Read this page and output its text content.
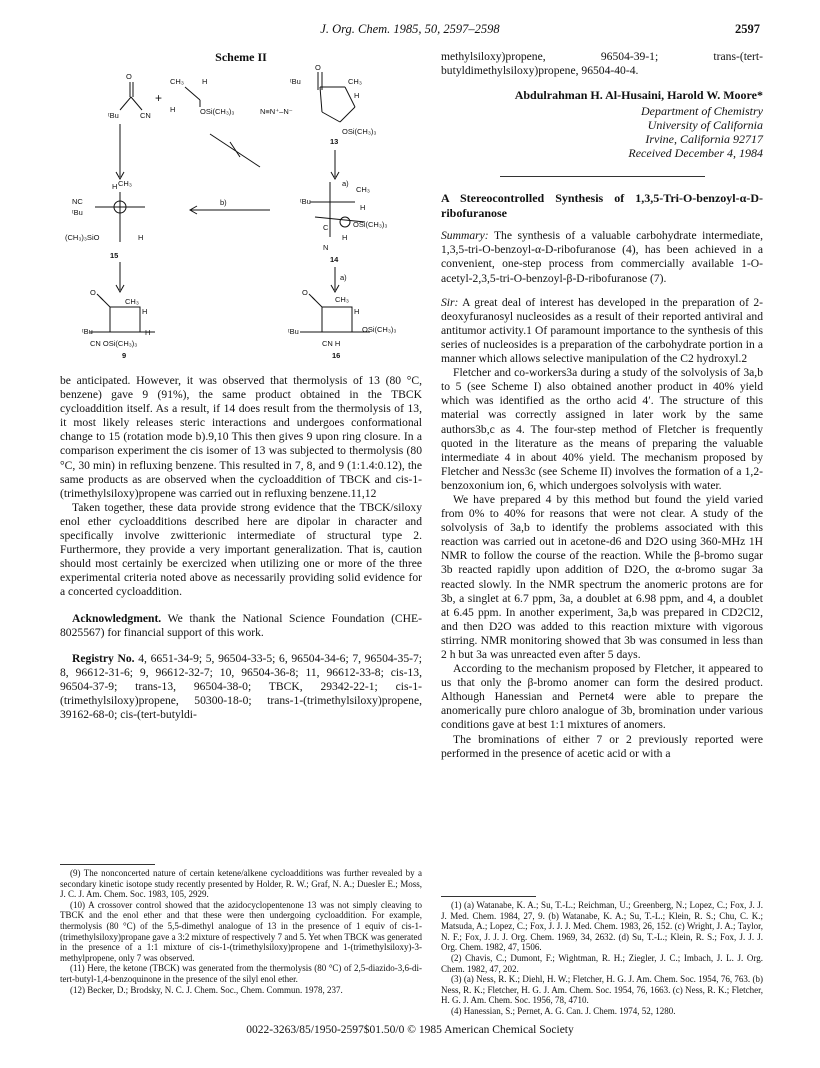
J. Org. Chem. 1985, 50, 2597–2598	2597
Scheme II
O
ᵗBu	CN
+
CH₃ H
H	OSi(CH₃)₃
O
ᵗBu	CH₃
H
N≡N⁺–N⁻
OSi(CH₃)₃
13
b)
CH₃
H
NC
ᵗBu
(CH₃)₃SiO	H
15
a)
CH₃
ᵗBu
H
C	OSi(CH₃)₃
N
H
14
a)
O
CH₃
H
ᵗBu	H
CN OSi(CH₃)₃
9
O
CH₃
H
ᵗBu	OSi(CH₃)₃
CN H
16

be anticipated. However, it was observed that thermolysis of 13 (80 °C, benzene) gave 9 (91%), the same product obtained in the TBCK cycloaddition itself. As a result, if 14 does result from the thermolysis of 13, it most likely releases steric interactions and undergoes conformational change to 15 (rotation mode b).9,10 This then gives 9 upon ring closure. In a comparison experiment the cis isomer of 13 was subjected to thermolysis (80 °C, 30 min) in refluxing benzene. This resulted in 7, 8, and 9 (1:1.4:0.12), the same products as are observed when the cycloaddition of TBCK and cis-1-(trimethylsiloxy)propene was carried out in refluxing benzene.11,12

Taken together, these data provide strong evidence that the TBCK/siloxy enol ether cycloadditions described here are dipolar in character and specifically involve zwitterionic intermediate of structural type 2. Furthermore, they provide a very important generalization. That is, caution should most certainly be exercized when utilizing one or more of the three experimental criteria noted above as necessarily providing solid evidence for a concerted cycloaddition.

Acknowledgment. We thank the National Science Foundation (CHE-8025567) for financial support of this work.

Registry No. 4, 6651-34-9; 5, 96504-33-5; 6, 96504-34-6; 7, 96504-35-7; 8, 96612-31-6; 9, 96612-32-7; 10, 96504-36-8; 11, 96612-33-8; cis-13, 96504-37-9; trans-13, 96504-38-0; TBCK, 29342-22-1; cis-1-(trimethylsiloxy)propene, 50300-18-0; trans-1-(trimethylsiloxy)propene, 39162-68-0; cis-(tert-butyldi-

(9) The nonconcerted nature of certain ketene/alkene cycloadditions was further revealed by a secondary kinetic isotope study recently presented by Holder, R. W.; Graf, N. A.; Duesler E.; Moss, J. C. J. Am. Chem. Soc. 1983, 105, 2929.

(10) A crossover control showed that the azidocyclopentenone 13 was not simply cleaving to TBCK and the enol ether and that these were then undergoing cycloaddition. For example, thermolysis (80 °C) of the 5,5-dimethyl analogue of 13 in the presence of 1 equiv of cis-1-(trimethylsiloxy)propane gave a 3:2 mixture of respectively 7 and 5. Yet when TBCK was generated in the presence of a 1:1 mixture of cis-1-(trimethylsiloxy)propene and 1-(trimethylsiloxy)-3-methylpropene, only 7 was observed.

(11) Here, the ketone (TBCK) was generated from the thermolysis (80 °C) of 2,5-diazido-3,6-di-tert-butyl-1,4-benzoquinone in the presence of the silyl enol ether.

(12) Becker, D.; Brodsky, N. C. J. Chem. Soc., Chem. Commun. 1978, 237.

methylsiloxy)propene, 96504-39-1; trans-(tert-butyldimethylsiloxy)propene, 96504-40-4.

Abdulrahman H. Al-Husaini, Harold W. Moore*
Department of Chemistry
University of California
Irvine, California 92717
Received December 4, 1984
A Stereocontrolled Synthesis of 1,3,5-Tri-O-benzoyl-α-D-ribofuranose

Summary: The synthesis of a valuable carbohydrate intermediate, 1,3,5-tri-O-benzoyl-α-D-ribofuranose (4), has been achieved in a convenient, one-step process from commercially available 1-O-acetyl-2,3,5-tri-O-benzoyl-β-D-ribofuranose (7).

Sir: A great deal of interest has developed in the preparation of 2-deoxyfuranosyl nucleosides as a result of their reported antiviral and antitumor activity.1 Of paramount importance to the synthesis of this series of nucleosides is a preparation of the carbohydrate portion in a manner which allows selective manipulation of the C2 hydroxyl.2

Fletcher and co-workers3a during a study of the solvolysis of 3a,b to 5 (see Scheme I) also obtained another product in 40% yield which was identified as the ortho acid 4′. The structure of this material was correctly assigned in later work by the same authors3b,c as 4. The four-step method of Fletcher is frequently quoted in the literature as the means of preparing the valuable intermediate 4 in about 40% yield. The mechanism proposed by Fletcher and Ness3c (see Scheme II) involves the formation of a 1,2-benzoxonium ion, 6, which undergoes solvolysis with water.

We have prepared 4 by this method but found the yield varied from 0% to 40% for reasons that were not clear. A study of the solvolysis of 3a,b to identify the problems associated with this reaction was carried out in acetone-d6 and D2O using 360-MHz 1H NMR to follow the course of the reaction. While the β-bromo sugar 3b reacted rapidly upon addition of D2O, the α-bromo sugar 3a reacted slowly. In the NMR spectrum the anomeric protons are for 3b, a singlet at 6.7 ppm, 3a, a doublet at 6.98 ppm, and 4, a doublet at 6.45 ppm. In another experiment, 3a,b was prepared in CD2Cl2, and then D2O was added to this reaction mixture with vigorous stirring. NMR monitoring showed that 3b was consumed in less than 2 h but 3a was unreacted even after 5 days.

According to the mechanism proposed by Fletcher, it appeared to us that only the β-bromo anomer can form the desired product. Although Hanessian and Pernet4 were able to prepare the anomerically pure chloro analogue of 3b, bromination under various conditions gave at best 1:1 mixtures of anomers.

The brominations of either 7 or 2 previously reported were performed in the presence of acetic acid or with a

(1) (a) Watanabe, K. A.; Su, T.-L.; Reichman, U.; Greenberg, N.; Lopez, C.; Fox, J. J. J. Med. Chem. 1984, 27, 9. (b) Watanabe, K. A.; Su, T.-L.; Klein, R. S.; Chu, C. K.; Matsuda, A.; Lopez, C.; Fox, J. J. J. Med. Chem. 1983, 26, 152. (c) Wright, J. A.; Taylor, N. F.; Fox, J. J. J. Org. Chem. 1969, 34, 2632. (d) Su, T.-L.; Klein, R. S.; Fox, J. J. J. Org. Chem. 1982, 47, 1506.

(2) Chavis, C.; Dumont, F.; Wightman, R. H.; Ziegler, J. C.; Imbach, J. L. J. Org. Chem. 1982, 47, 202.

(3) (a) Ness, R. K.; Diehl, H. W.; Fletcher, H. G. J. Am. Chem. Soc. 1954, 76, 763. (b) Ness, R. K.; Fletcher, H. G. J. Am. Chem. Soc. 1954, 76, 1663. (c) Ness, R. K.; Fletcher, H. G. J. Am. Chem. Soc. 1956, 78, 4710.

(4) Hanessian, S.; Pernet, A. G. Can. J. Chem. 1974, 52, 1280.

0022-3263/85/1950-2597$01.50/0 © 1985 American Chemical Society
